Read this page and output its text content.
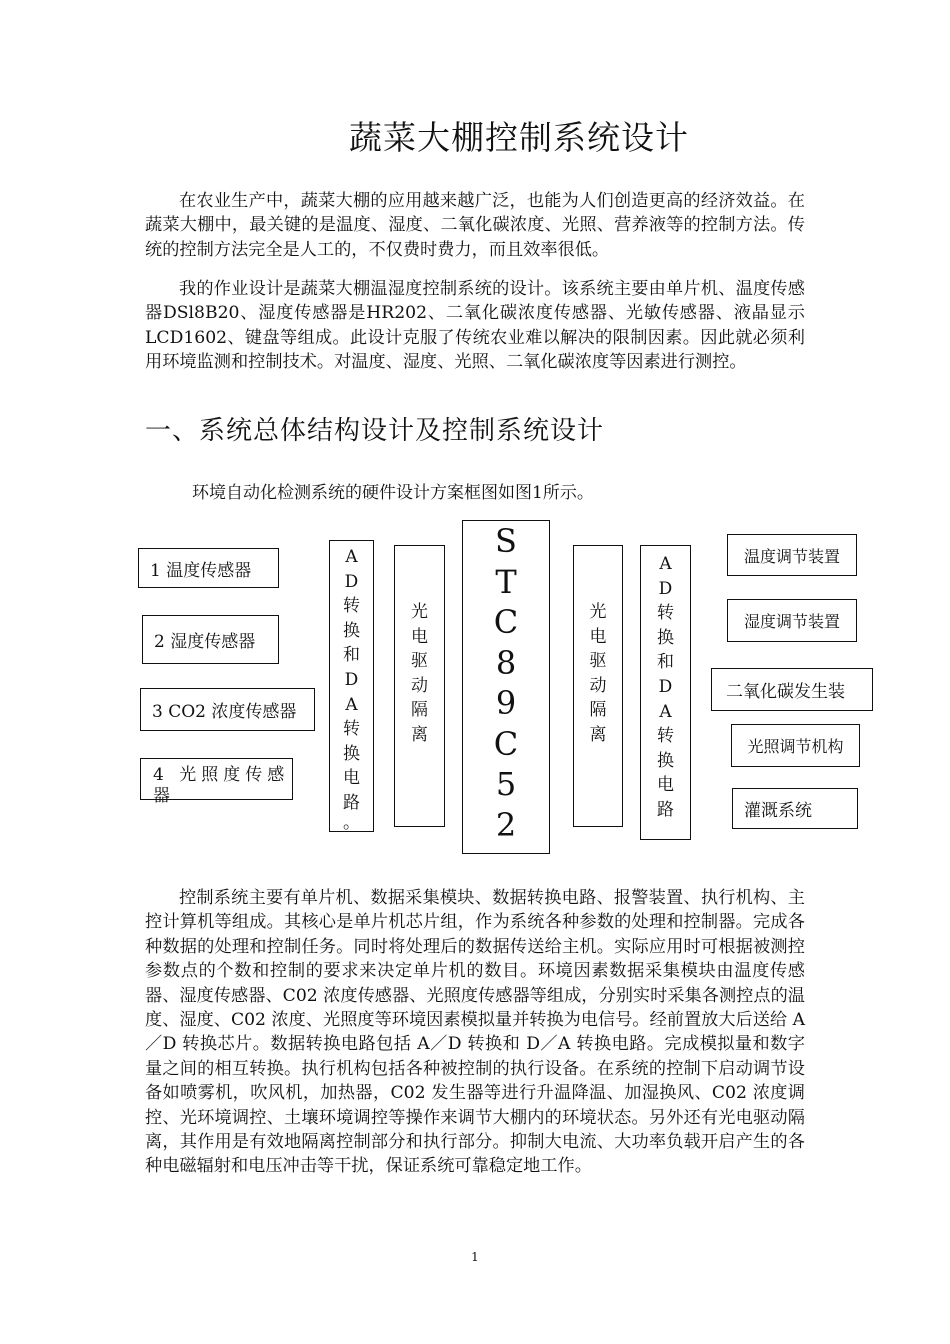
蔬菜大棚控制系统设计

在农业生产中，蔬菜大棚的应用越来越广泛，也能为人们创造更高的经济效益。在蔬菜大棚中，最关键的是温度、湿度、二氧化碳浓度、光照、营养液等的控制方法。传统的控制方法完全是人工的，不仅费时费力，而且效率很低。

我的作业设计是蔬菜大棚温湿度控制系统的设计。该系统主要由单片机、温度传感器DSl8B20、湿度传感器是HR202、二氧化碳浓度传感器、光敏传感器、液晶显示LCD1602、键盘等组成。此设计克服了传统农业难以解决的限制因素。因此就必须利用环境监测和控制技术。对温度、湿度、光照、二氧化碳浓度等因素进行测控。

一、系统总体结构设计及控制系统设计
环境自动化检测系统的硬件设计方案框图如图1所示。
1 温度传感器
2 湿度传感器
3 CO2 浓度传感器
4 光照度传感器
A
D
转
换
和
D
A
转
换
电
路
。
光
电
驱
动
隔
离
S
T
C
8
9
C
5
2
光
电
驱
动
隔
离
A
D
转
换
和
D
A
转
换
电
路
温度调节装置
湿度调节装置
二氧化碳发生装
光照调节机构
灌溉系统

控制系统主要有单片机、数据采集模块、数据转换电路、报警装置、执行机构、主控计算机等组成。其核心是单片机芯片组，作为系统各种参数的处理和控制器。完成各种数据的处理和控制任务。同时将处理后的数据传送给主机。实际应用时可根据被测控参数点的个数和控制的要求来决定单片机的数目。环境因素数据采集模块由温度传感器、湿度传感器、C02 浓度传感器、光照度传感器等组成，分别实时采集各测控点的温度、湿度、C02 浓度、光照度等环境因素模拟量并转换为电信号。经前置放大后送给 A／D 转换芯片。数据转换电路包括 A／D 转换和 D／A 转换电路。完成模拟量和数字量之间的相互转换。执行机构包括各种被控制的执行设备。在系统的控制下启动调节设备如喷雾机，吹风机，加热器，C02 发生器等进行升温降温、加湿换风、C02 浓度调控、光环境调控、土壤环境调控等操作来调节大棚内的环境状态。另外还有光电驱动隔离，其作用是有效地隔离控制部分和执行部分。抑制大电流、大功率负载开启产生的各种电磁辐射和电压冲击等干扰，保证系统可靠稳定地工作。

1
